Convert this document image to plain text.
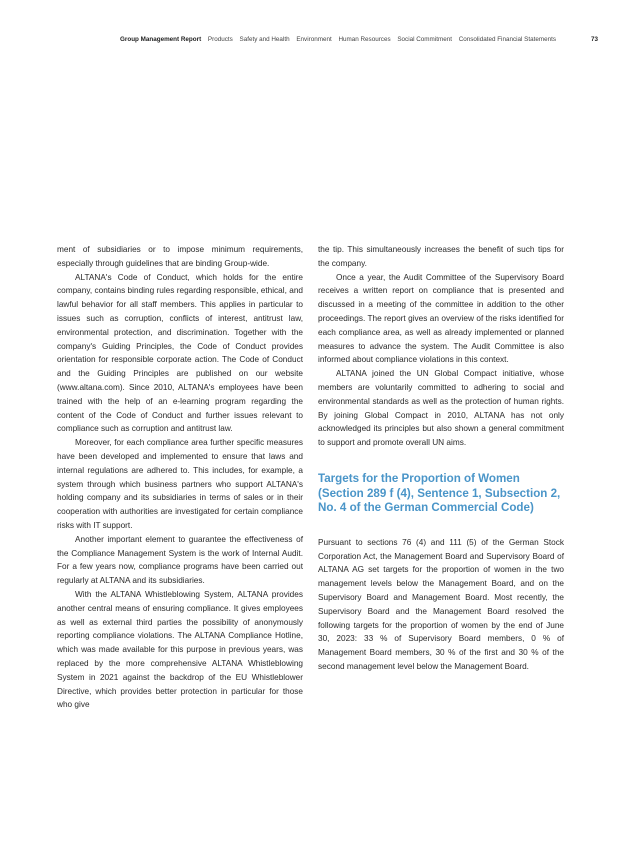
Group Management Report Products Safety and Health Environment Human Resources Social Commitment Consolidated Financial Statements	73

ment of subsidiaries or to impose minimum requirements, especially through guidelines that are binding Group-wide.

ALTANA's Code of Conduct, which holds for the entire company, contains binding rules regarding responsible, ethical, and lawful behavior for all staff members. This applies in particular to issues such as corruption, conflicts of interest, antitrust law, environmental protection, and discrimination. Together with the company's Guiding Principles, the Code of Conduct provides orientation for responsible corporate action. The Code of Conduct and the Guiding Principles are published on our website (www.altana.com). Since 2010, ALTANA's employees have been trained with the help of an e-learning program regarding the content of the Code of Conduct and further issues relevant to compliance such as corruption and antitrust law.

Moreover, for each compliance area further specific measures have been developed and implemented to ensure that laws and internal regulations are adhered to. This includes, for example, a system through which business partners who support ALTANA's holding company and its subsidiaries in terms of sales or in their cooperation with authorities are investigated for certain compliance risks with IT support.

Another important element to guarantee the effectiveness of the Compliance Management System is the work of Internal Audit. For a few years now, compliance programs have been carried out regularly at ALTANA and its subsidiaries.

With the ALTANA Whistleblowing System, ALTANA provides another central means of ensuring compliance. It gives employees as well as external third parties the possibility of anonymously reporting compliance violations. The ALTANA Compliance Hotline, which was made available for this purpose in previous years, was replaced by the more comprehensive ALTANA Whistleblowing System in 2021 against the backdrop of the EU Whistleblower Directive, which provides better protection in particular for those who give

the tip. This simultaneously increases the benefit of such tips for the company.

Once a year, the Audit Committee of the Supervisory Board receives a written report on compliance that is presented and discussed in a meeting of the committee in addition to the other proceedings. The report gives an overview of the risks identified for each compliance area, as well as already implemented or planned measures to advance the system. The Audit Committee is also informed about compliance violations in this context.

ALTANA joined the UN Global Compact initiative, whose members are voluntarily committed to adhering to social and environmental standards as well as the protection of human rights. By joining Global Compact in 2010, ALTANA has not only acknowledged its principles but also shown a general commitment to support and promote overall UN aims.

Targets for the Proportion of Women (Section 289 f (4), Sentence 1, Subsection 2, No. 4 of the German Commercial Code)

Pursuant to sections 76 (4) and 111 (5) of the German Stock Corporation Act, the Management Board and Supervisory Board of ALTANA AG set targets for the proportion of women in the two management levels below the Management Board, and on the Supervisory Board and Management Board. Most recently, the Supervisory Board and the Management Board resolved the following targets for the proportion of women by the end of June 30, 2023: 33 % of Supervisory Board members, 0 % of Management Board members, 30 % of the first and 30 % of the second management level below the Management Board.
